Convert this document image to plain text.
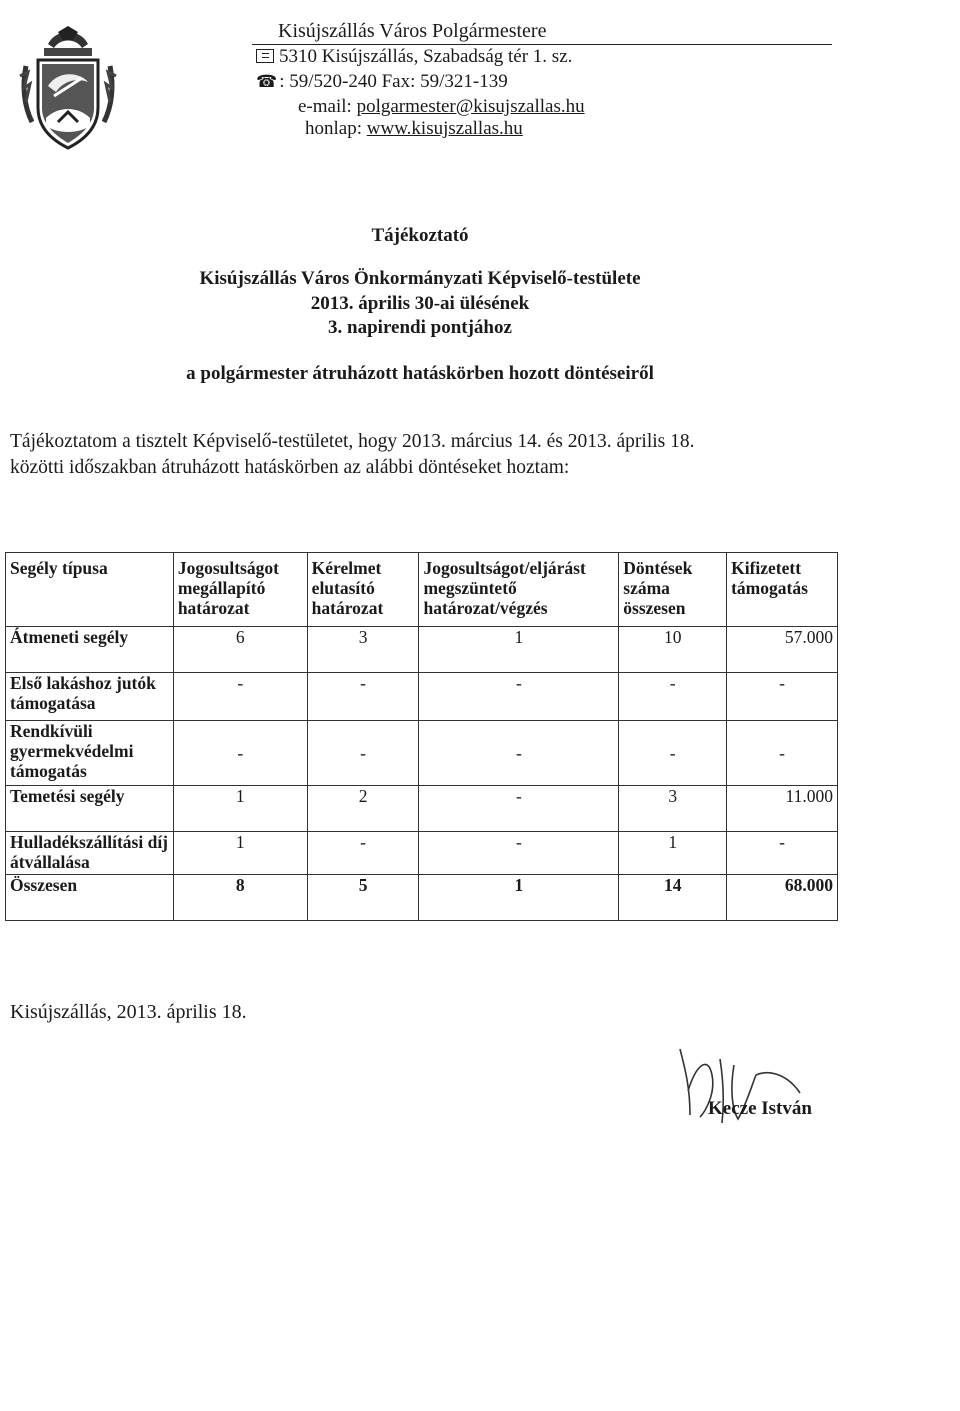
Kisújszállás Város Polgármestere
5310 Kisújszállás, Szabadság tér 1. sz.
☎ : 59/520-240 Fax: 59/321-139
e-mail: polgarmester@kisujszallas.hu
honlap: www.kisujszallas.hu
Tájékoztató
Kisújszállás Város Önkormányzati Képviselő-testülete
2013. április 30-ai ülésének
3. napirendi pontjához
a polgármester átruházott hatáskörben hozott döntéseiről
Tájékoztatom a tisztelt Képviselő-testületet, hogy 2013. március 14. és 2013. április 18.
közötti időszakban átruházott hatáskörben az alábbi döntéseket hoztam:
Segély típusa	Jogosultságot megállapító határozat	Kérelmet elutasító határozat	Jogosultságot/eljárást megszüntető határozat/végzés	Döntések száma összesen	Kifizetett támogatás
Átmeneti segély	6	3	1	10	57.000
Első lakáshoz jutók támogatása	-	-	-	-	-
Rendkívüli gyermekvédelmi támogatás	-	-	-	-	-
Temetési segély	1	2	-	3	11.000
Hulladékszállítási díj átvállalása	1	-	-	1	-
Összesen	8	5	1	14	68.000
Kisújszállás, 2013. április 18.
Kecze István
